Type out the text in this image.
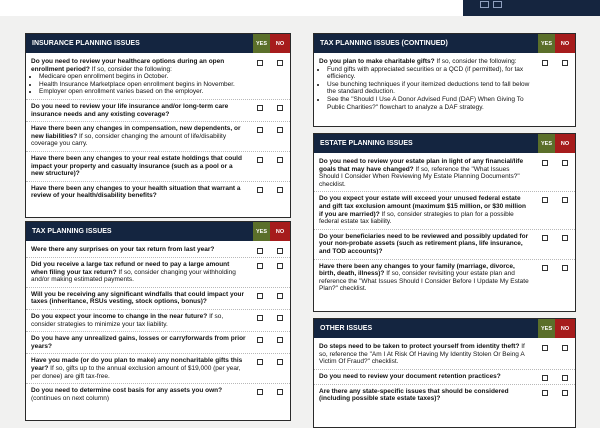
INSURANCE PLANNING ISSUES	YES	NO
Do you need to review your healthcare options during an open enrollment period? If so, consider the following:
• Medicare open enrollment begins in October.
• Health Insurance Marketplace open enrollment begins in November.
• Employer open enrollment varies based on the employer.
Do you need to review your life insurance and/or long-term care insurance needs and any existing coverage?
Have there been any changes in compensation, new dependents, or new liabilities? If so, consider changing the amount of life/disability coverage you carry.
Have there been any changes to your real estate holdings that could impact your property and casualty insurance (such as a pool or a new structure)?
Have there been any changes to your health situation that warrant a review of your health/disability benefits?
TAX PLANNING ISSUES	YES	NO
Were there any surprises on your tax return from last year?
Did you receive a large tax refund or need to pay a large amount when filing your tax return? If so, consider changing your withholding and/or making estimated payments.
Will you be receiving any significant windfalls that could impact your taxes (inheritance, RSUs vesting, stock options, bonus)?
Do you expect your income to change in the near future? If so, consider strategies to minimize your tax liability.
Do you have any unrealized gains, losses or carryforwards from prior years?
Have you made (or do you plan to make) any noncharitable gifts this year? If so, gifts up to the annual exclusion amount of $19,000 (per year, per donee) are gift tax-free.
Do you need to determine cost basis for any assets you own? (continues on next column)
TAX PLANNING ISSUES (CONTINUED)	YES	NO
Do you plan to make charitable gifts? If so, consider the following:
• Fund gifts with appreciated securities or a QCD (if permitted), for tax efficiency.
• Use bunching techniques if your itemized deductions tend to fall below the standard deduction.
• See the "Should I Use A Donor Advised Fund (DAF) When Giving To Public Charities?" flowchart to analyze a DAF strategy.
ESTATE PLANNING ISSUES	YES	NO
Do you need to review your estate plan in light of any financial/life goals that may have changed? If so, reference the "What Issues Should I Consider When Reviewing My Estate Planning Documents?" checklist.
Do you expect your estate will exceed your unused federal estate and gift tax exclusion amount (maximum $15 million, or $30 million if you are married)? If so, consider strategies to plan for a possible federal estate tax liability.
Do your beneficiaries need to be reviewed and possibly updated for your non-probate assets (such as retirement plans, life insurance, and TOD accounts)?
Have there been any changes to your family (marriage, divorce, birth, death, illness)? If so, consider revisiting your estate plan and reference the "What Issues Should I Consider Before I Update My Estate Plan?" checklist.
OTHER ISSUES	YES	NO
Do steps need to be taken to protect yourself from identity theft? If so, reference the "Am I At Risk Of Having My Identity Stolen Or Being A Victim Of Fraud?" checklist.
Do you need to review your document retention practices?
Are there any state-specific issues that should be considered (including possible state estate taxes)?
